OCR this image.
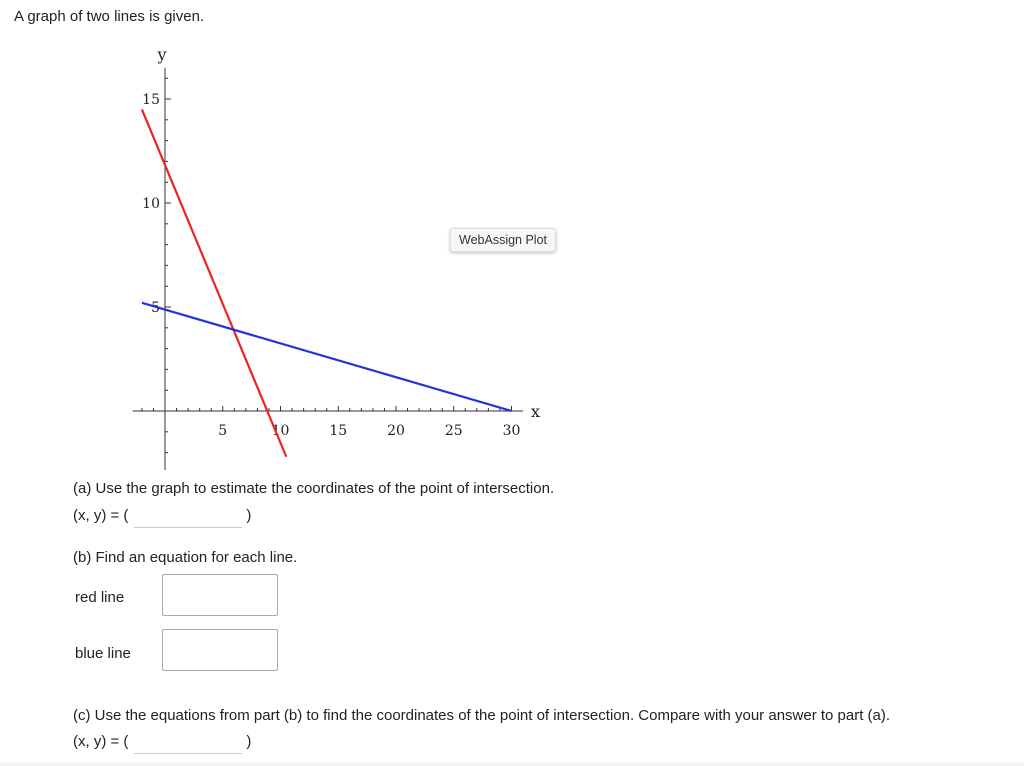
A graph of two lines is given.
5	10	15	20	25	30
5
10
15
x
y
WebAssign Plot
(a) Use the graph to estimate the coordinates of the point of intersection.
(x, y) = (	)
(b) Find an equation for each line.
red line
blue line
(c) Use the equations from part (b) to find the coordinates of the point of intersection. Compare with your answer to part (a).
(x, y) = (	)
